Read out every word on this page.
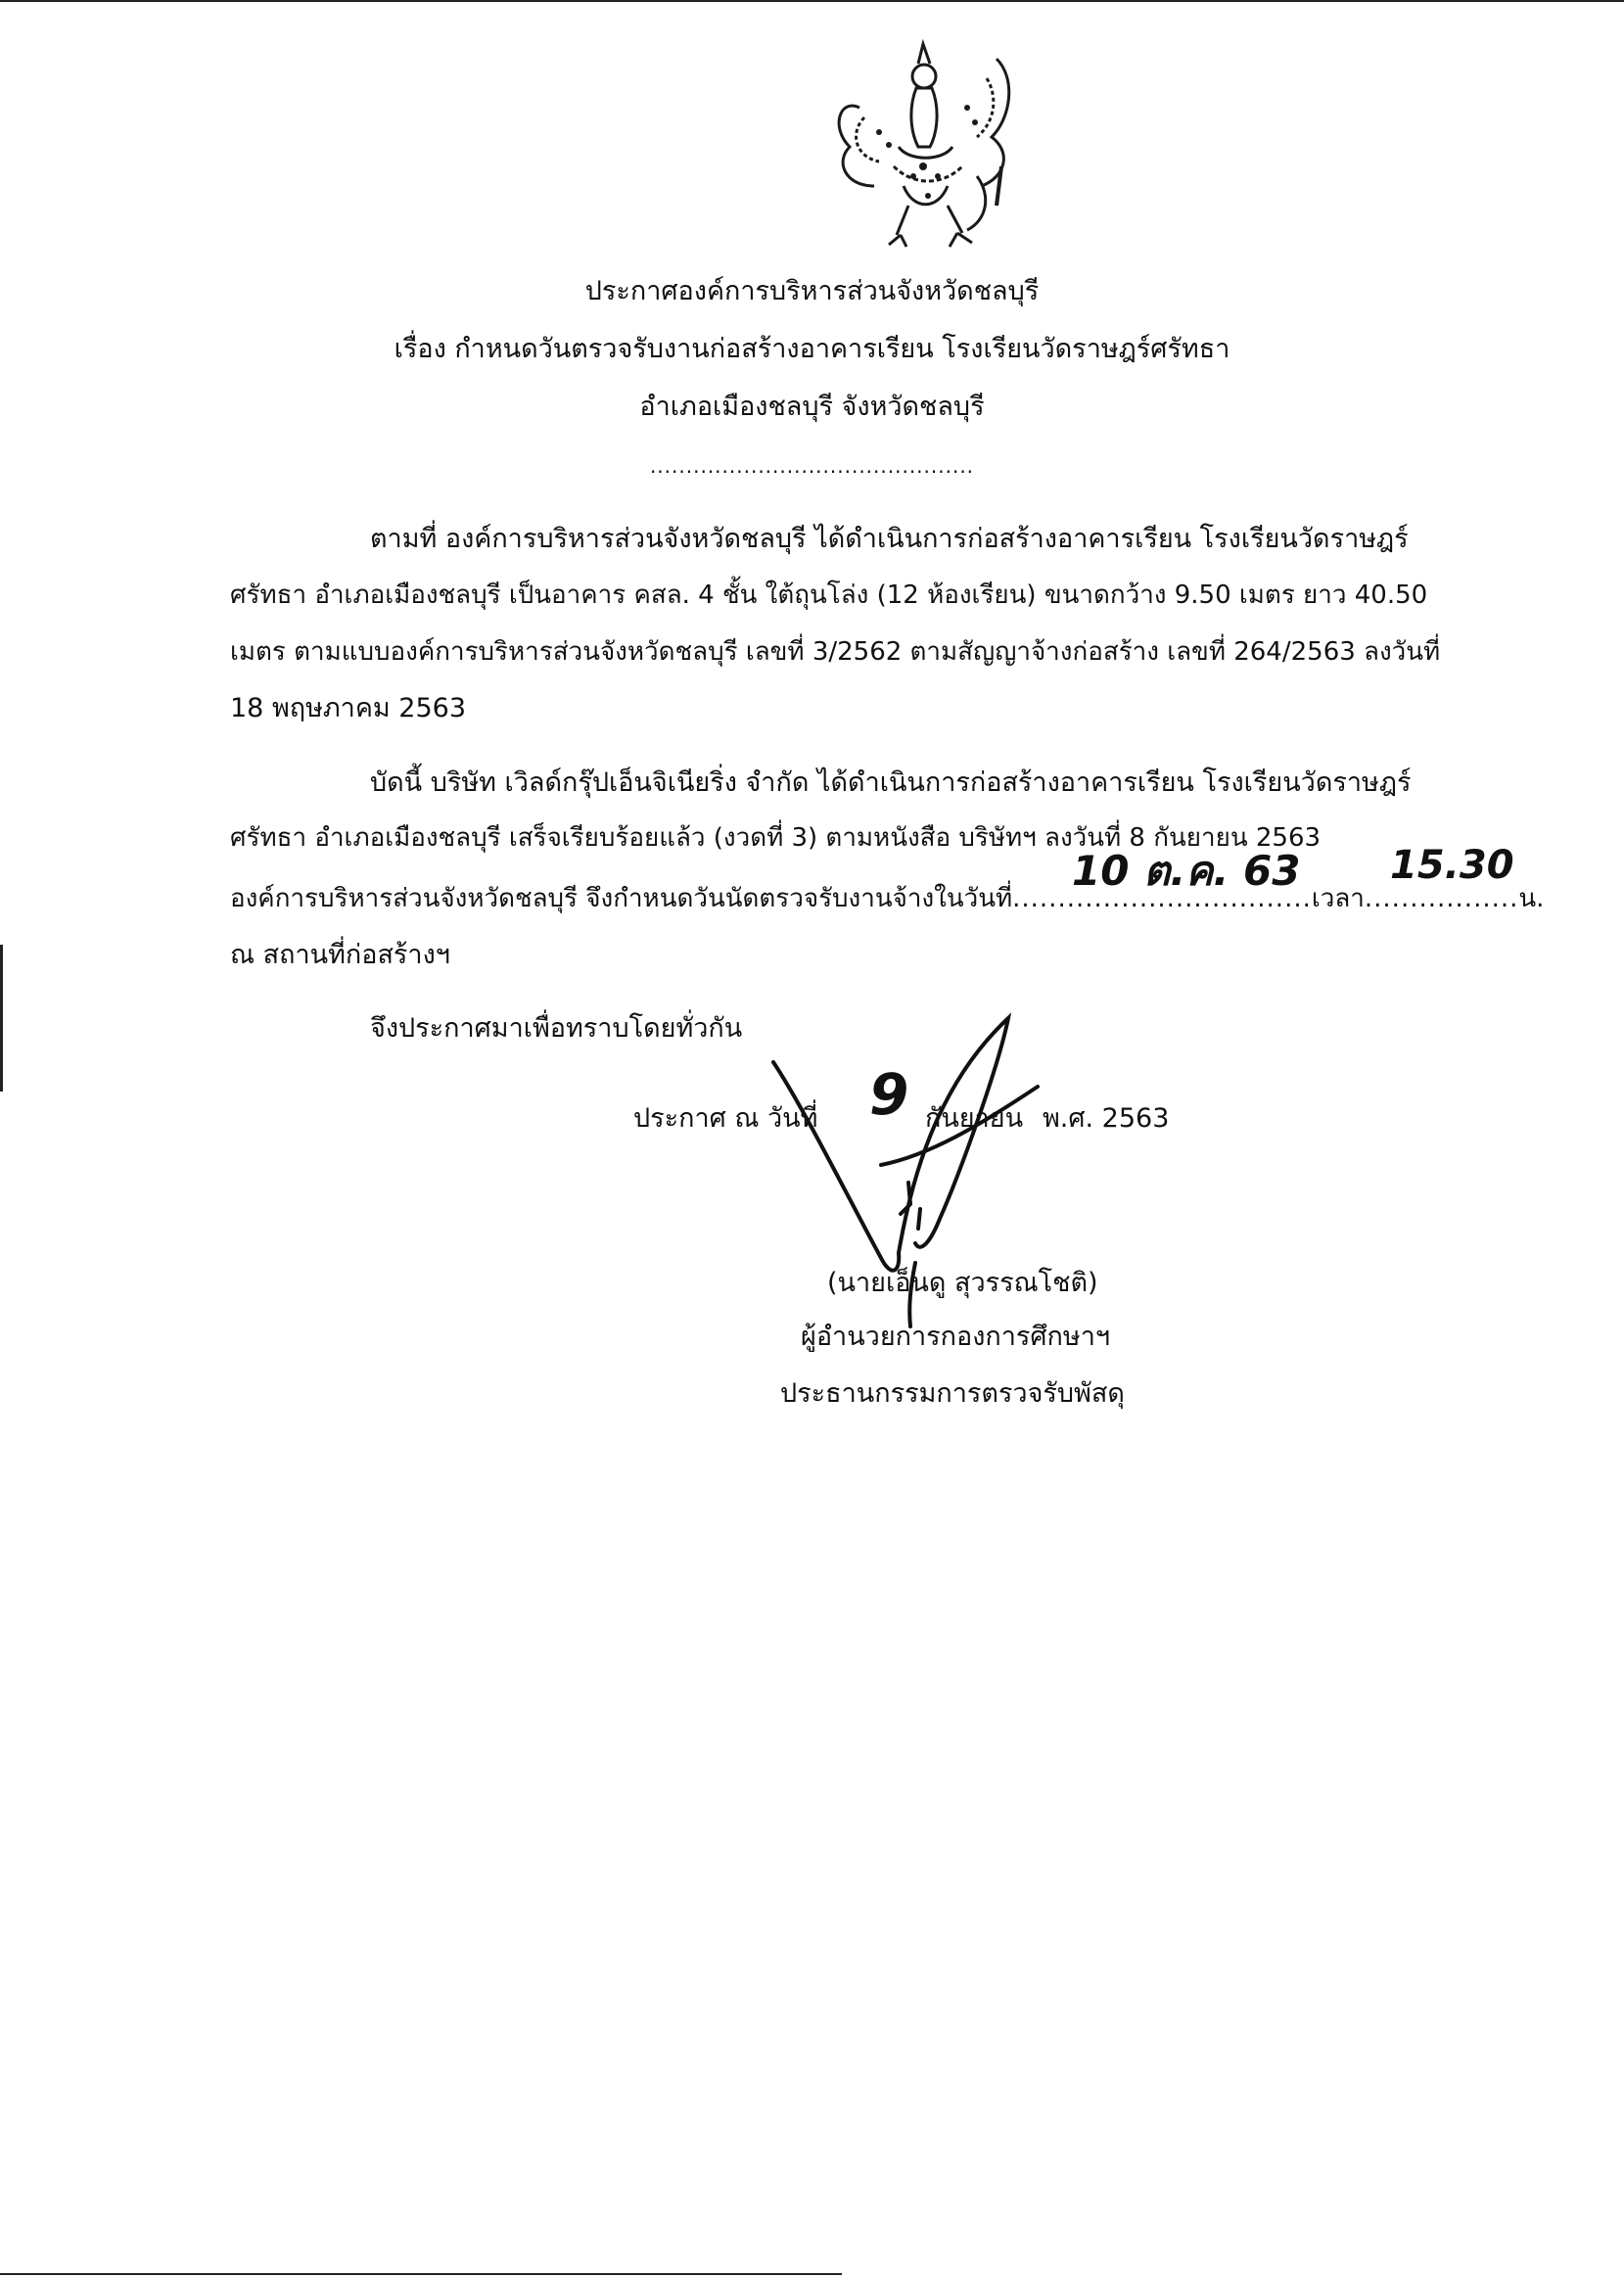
ประกาศองค์การบริหารส่วนจังหวัดชลบุรี
เรื่อง กำหนดวันตรวจรับงานก่อสร้างอาคารเรียน โรงเรียนวัดราษฎร์ศรัทธา
อำเภอเมืองชลบุรี จังหวัดชลบุรี
.............................................
ตามที่ องค์การบริหารส่วนจังหวัดชลบุรี ได้ดำเนินการก่อสร้างอาคารเรียน โรงเรียนวัดราษฎร์
ศรัทธา อำเภอเมืองชลบุรี เป็นอาคาร คสล. 4 ชั้น ใต้ถุนโล่ง (12 ห้องเรียน) ขนาดกว้าง 9.50 เมตร ยาว 40.50
เมตร ตามแบบองค์การบริหารส่วนจังหวัดชลบุรี เลขที่ 3/2562 ตามสัญญาจ้างก่อสร้าง เลขที่ 264/2563 ลงวันที่
18 พฤษภาคม 2563
บัดนี้ บริษัท เวิลด์กรุ๊ปเอ็นจิเนียริ่ง จำกัด ได้ดำเนินการก่อสร้างอาคารเรียน โรงเรียนวัดราษฎร์
ศรัทธา อำเภอเมืองชลบุรี เสร็จเรียบร้อยแล้ว (งวดที่ 3) ตามหนังสือ บริษัทฯ ลงวันที่ 8 กันยายน 2563
องค์การบริหารส่วนจังหวัดชลบุรี จึงกำหนดวันนัดตรวจรับงานจ้างในวันที่.................................เวลา.................น.
10 ต.ค. 63 15.30
ณ สถานที่ก่อสร้างฯ
จึงประกาศมาเพื่อทราบโดยทั่วกัน
ประกาศ ณ วันที่ 9 กันยายน พ.ศ. 2563
(นายเอ็นดู สุวรรณโชติ)
ผู้อำนวยการกองการศึกษาฯ
ประธานกรรมการตรวจรับพัสดุ
